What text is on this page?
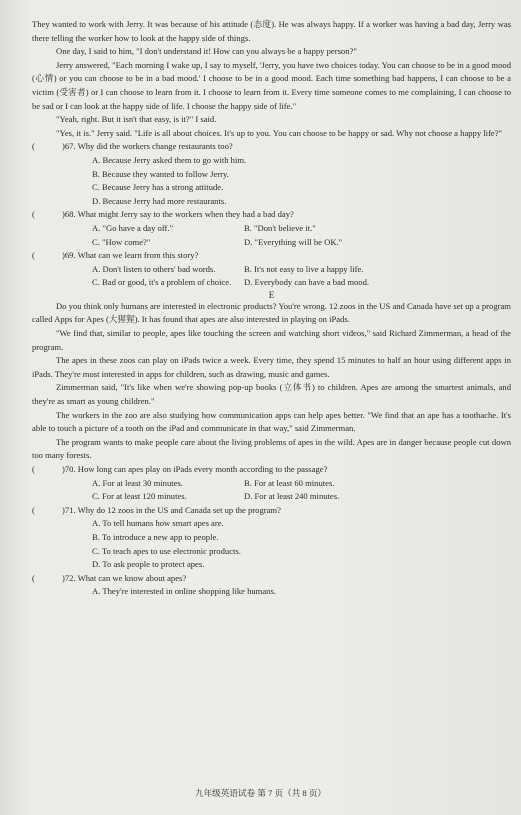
They wanted to work with Jerry. It was because of his attitude (态度). He was always happy. If a worker was having a bad day, Jerry was there telling the worker how to look at the happy side of things.

One day, I said to him, "I don't understand it! How can you always be a happy person?"

Jerry answered, "Each morning I wake up, I say to myself, 'Jerry, you have two choices today. You can choose to be in a good mood (心情) or you can choose to be in a bad mood.' I choose to be in a good mood. Each time something bad happens, I can choose to be a victim (受害者) or I can choose to learn from it. I choose to learn from it. Every time someone comes to me complaining, I can choose to be sad or I can look at the happy side of life. I choose the happy side of life."

"Yeah, right. But it isn't that easy, is it?" I said.

"Yes, it is." Jerry said. "Life is all about choices. It's up to you. You can choose to be happy or sad. Why not choose a happy life?"

(	)67. Why did the workers change restaurants too?
A. Because Jerry asked them to go with him.
B. Because they wanted to follow Jerry.
C. Because Jerry has a strong attitude.
D. Because Jerry had more restaurants.
(	)68. What might Jerry say to the workers when they had a bad day?
A. "Go have a day off."	B. "Don't believe it."
C. "How come?"	D. "Everything will be OK."
(	)69. What can we learn from this story?
A. Don't listen to others' bad words.	B. It's not easy to live a happy life.
C. Bad or good, it's a problem of choice.	D. Everybody can have a bad mood.
E

Do you think only humans are interested in electronic products? You're wrong. 12 zoos in the US and Canada have set up a program called Apps for Apes (大猩猩). It has found that apes are also interested in playing on iPads.

"We find that, similar to people, apes like touching the screen and watching short videos," said Richard Zimmerman, a head of the program.

The apes in these zoos can play on iPads twice a week. Every time, they spend 15 minutes to half an hour using different apps in iPads. They're most interested in apps for children, such as drawing, music and games.

Zimmerman said, "It's like when we're showing pop-up books (立体书) to children. Apes are among the smartest animals, and they're as smart as young children."

The workers in the zoo are also studying how communication apps can help apes better. "We find that an ape has a toothache. It's able to touch a picture of a tooth on the iPad and communicate in that way," said Zimmerman.

The program wants to make people care about the living problems of apes in the wild. Apes are in danger because people cut down too many forests.

(	)70. How long can apes play on iPads every month according to the passage?
A. For at least 30 minutes.	B. For at least 60 minutes.
C. For at least 120 minutes.	D. For at least 240 minutes.
(	)71. Why do 12 zoos in the US and Canada set up the program?
A. To tell humans how smart apes are.
B. To introduce a new app to people.
C. To teach apes to use electronic products.
D. To ask people to protect apes.
(	)72. What can we know about apes?
A. They're interested in online shopping like humans.
九年级英语试卷 第 7 页（共 8 页）
